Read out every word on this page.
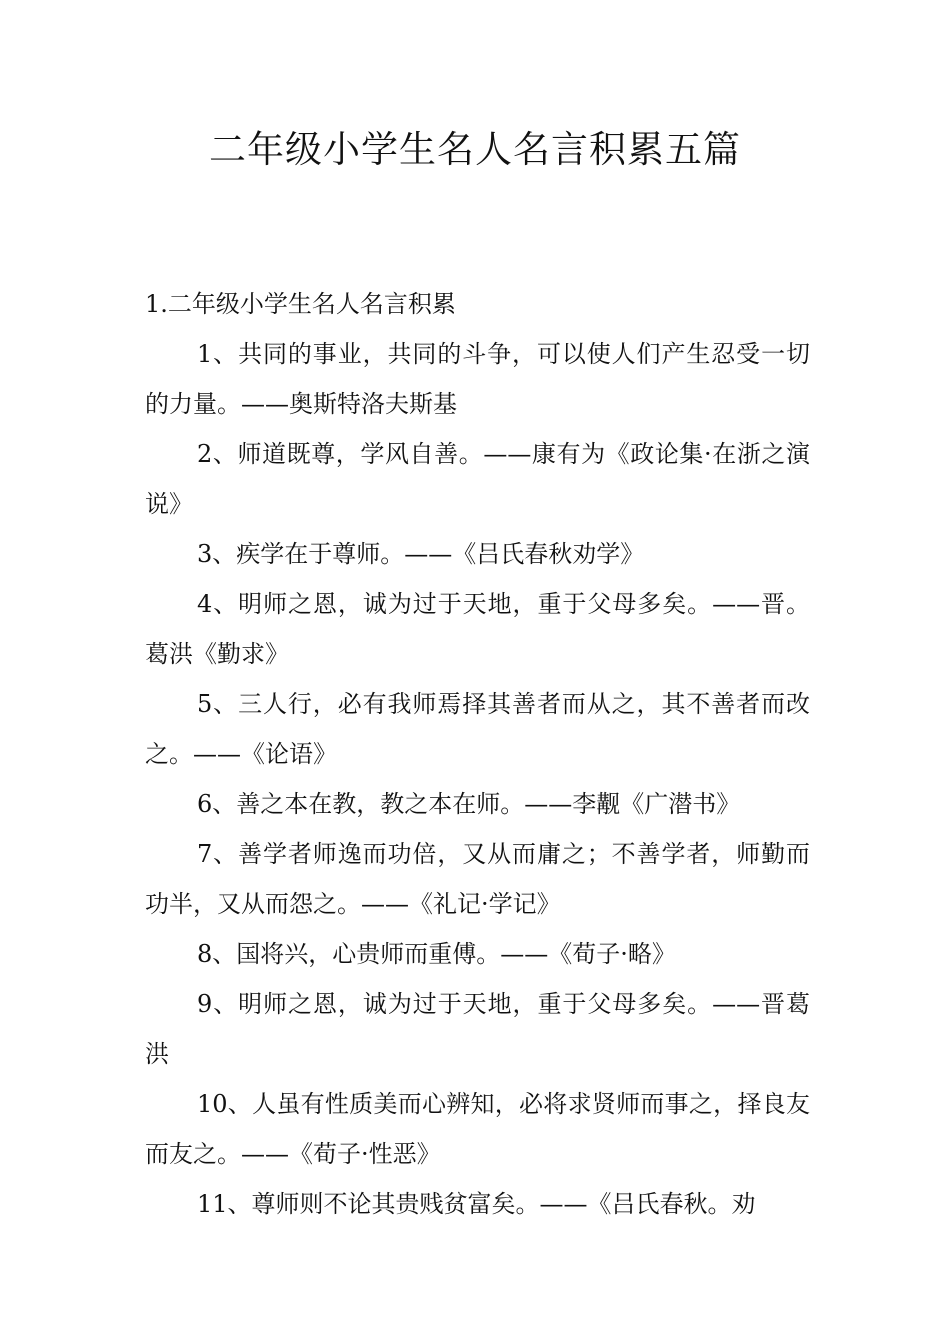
二年级小学生名人名言积累五篇

1.二年级小学生名人名言积累

1、共同的事业，共同的斗争，可以使人们产生忍受一切的力量。——奥斯特洛夫斯基

2、师道既尊，学风自善。——康有为《政论集·在浙之演说》

3、疾学在于尊师。——《吕氏春秋劝学》

4、明师之恩，诚为过于天地，重于父母多矣。——晋。葛洪《勤求》

5、三人行，必有我师焉择其善者而从之，其不善者而改之。——《论语》

6、善之本在教，教之本在师。——李觏《广潜书》

7、善学者师逸而功倍，又从而庸之；不善学者，师勤而功半，又从而怨之。——《礼记·学记》

8、国将兴，心贵师而重傅。——《荀子·略》

9、明师之恩，诚为过于天地，重于父母多矣。——晋葛洪

10、人虽有性质美而心辨知，必将求贤师而事之，择良友而友之。——《荀子·性恶》

11、尊师则不论其贵贱贫富矣。——《吕氏春秋。劝
